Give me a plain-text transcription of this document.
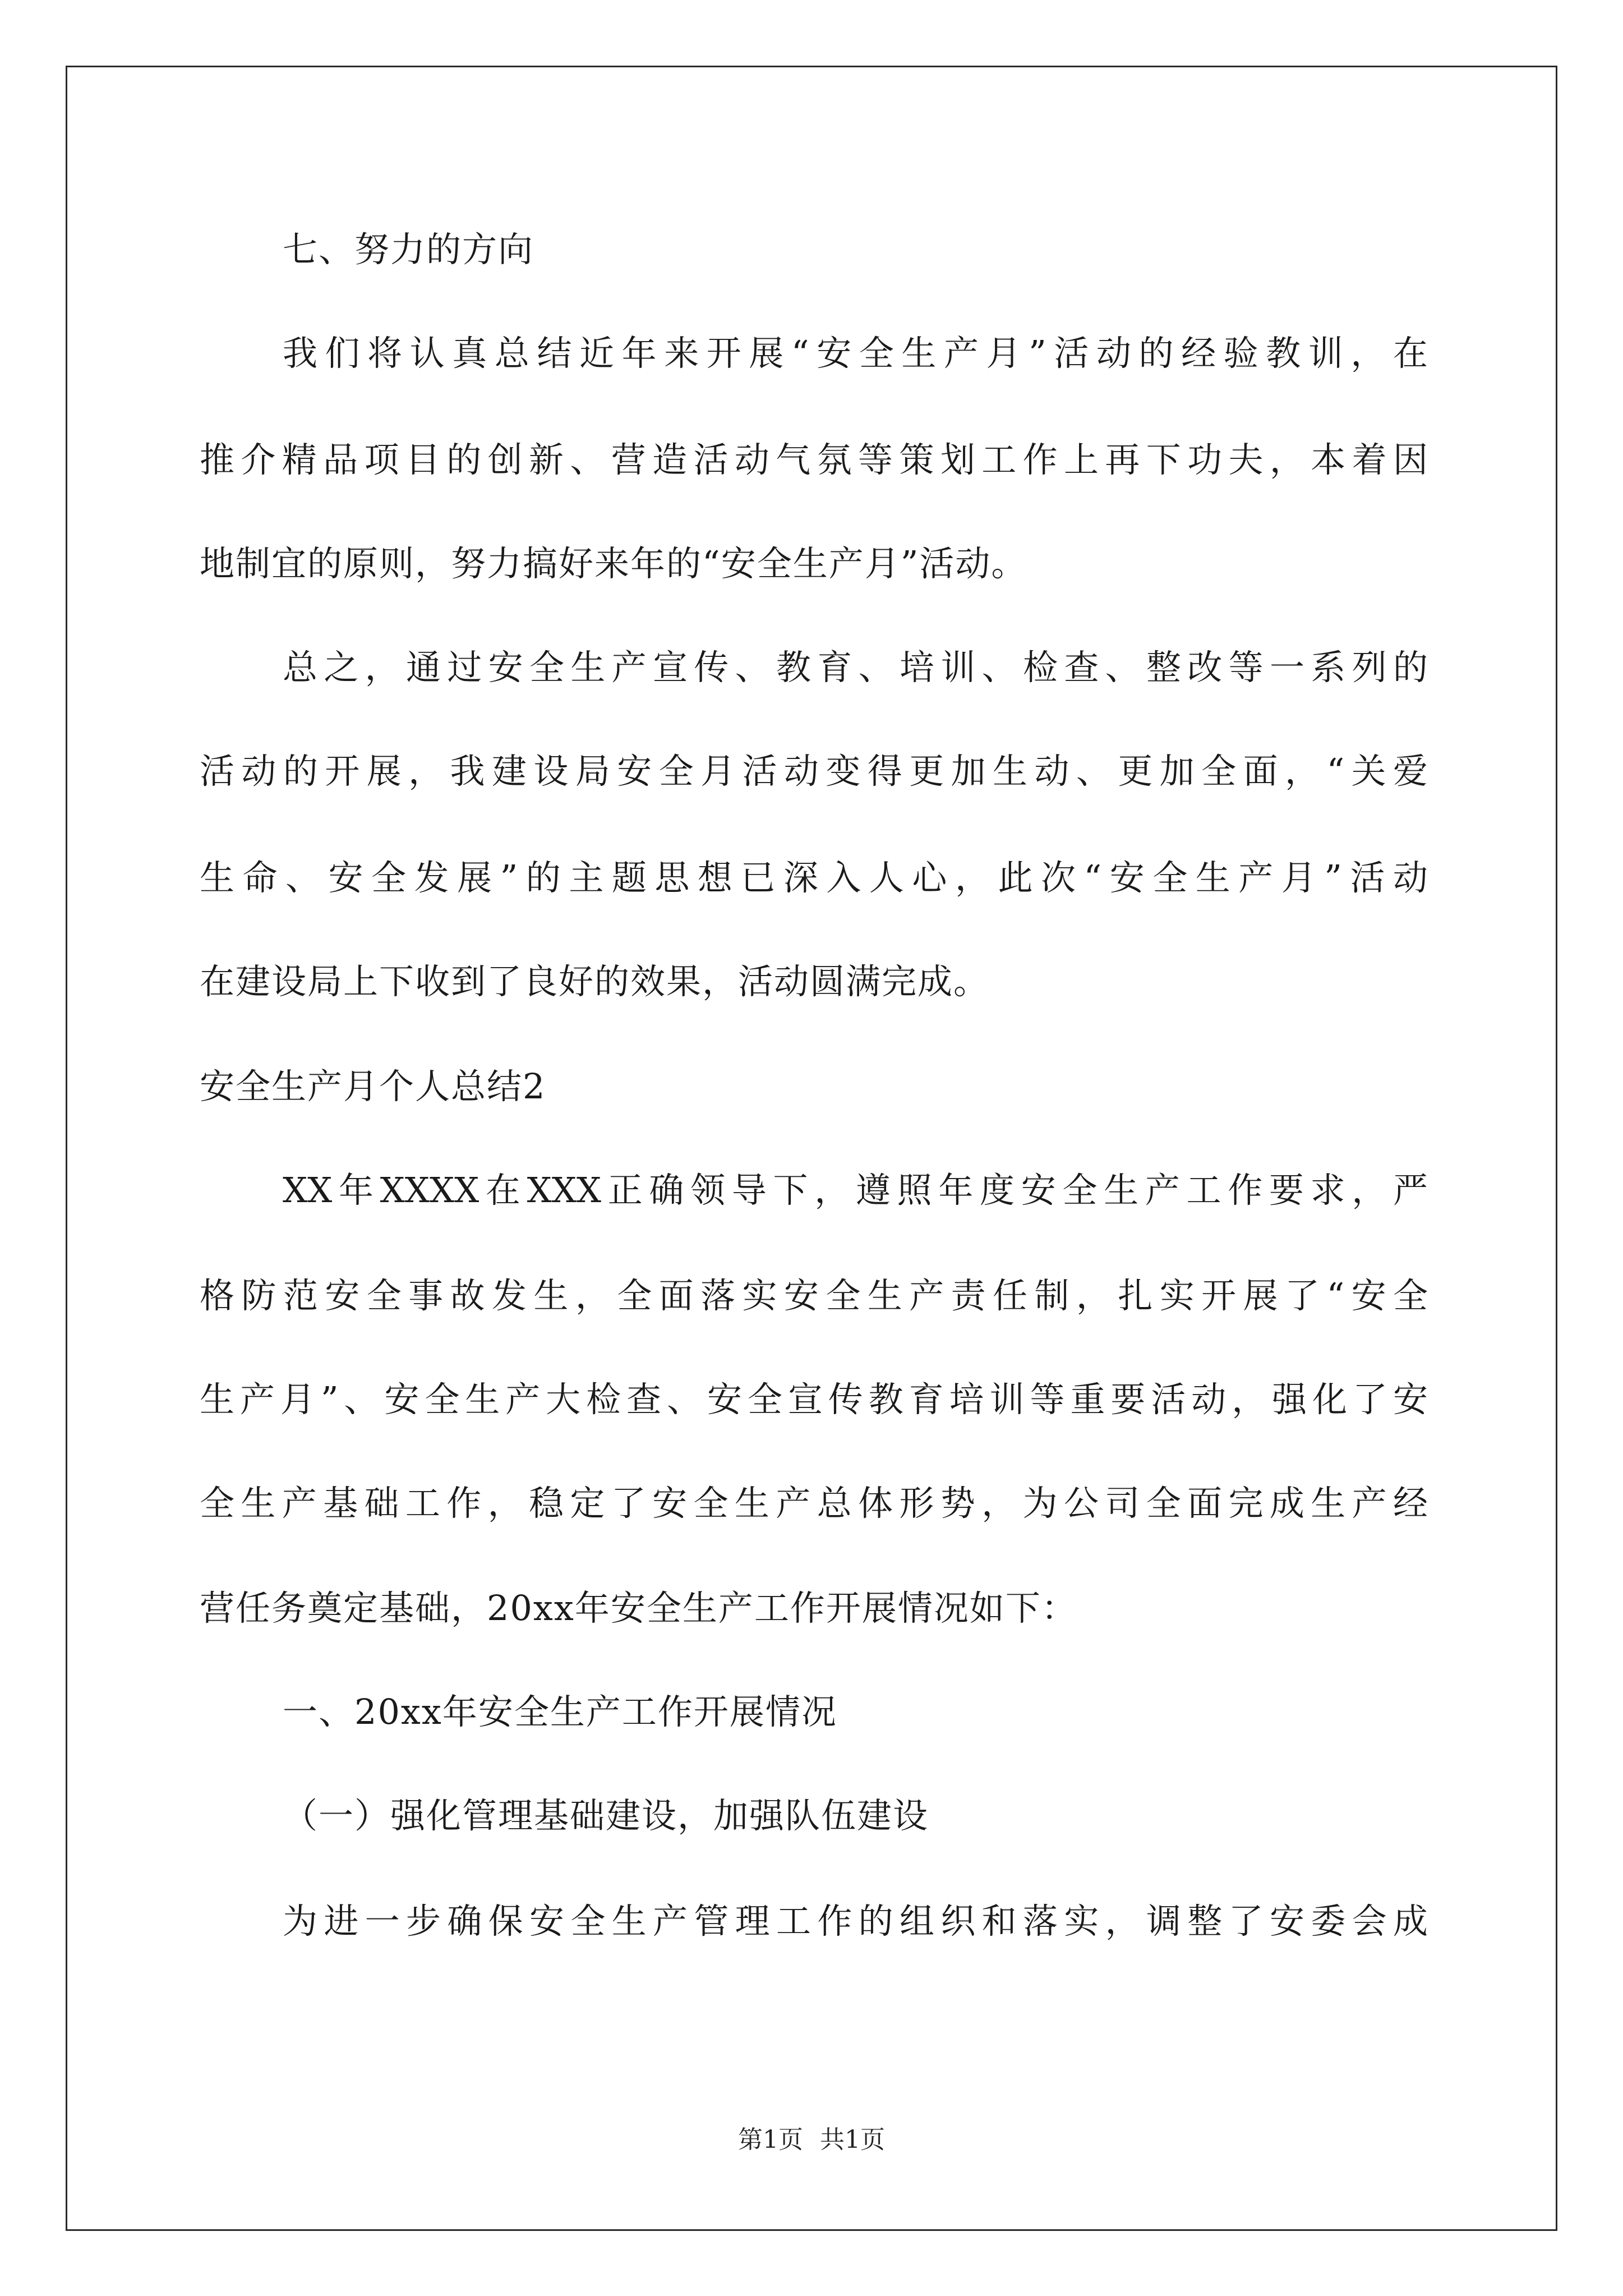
七、努力的方向
我们将认真总结近年来开展“安全生产月”活动的经验教训，在
推介精品项目的创新、营造活动气氛等策划工作上再下功夫，本着因
地制宜的原则，努力搞好来年的“安全生产月”活动。
总之，通过安全生产宣传、教育、培训、检查、整改等一系列的
活动的开展，我建设局安全月活动变得更加生动、更加全面，“关爱
生命、安全发展”的主题思想已深入人心，此次“安全生产月”活动
在建设局上下收到了良好的效果，活动圆满完成。
安全生产月个人总结2
XX年XXXX在XXX正确领导下，遵照年度安全生产工作要求，严
格防范安全事故发生，全面落实安全生产责任制，扎实开展了“安全
生产月”、安全生产大检查、安全宣传教育培训等重要活动，强化了安
全生产基础工作，稳定了安全生产总体形势，为公司全面完成生产经
营任务奠定基础，20xx年安全生产工作开展情况如下：
一、20xx年安全生产工作开展情况
（一）强化管理基础建设，加强队伍建设
为进一步确保安全生产管理工作的组织和落实，调整了安委会成
第1页 共1页
